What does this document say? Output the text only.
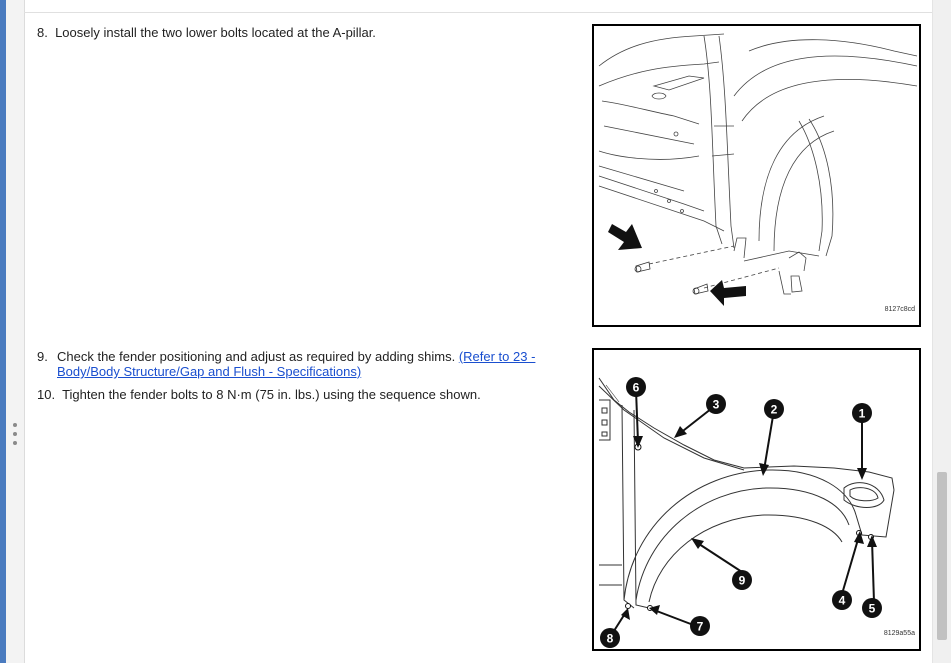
8. Loosely install the two lower bolts located at the A-pillar.
8127c8cd
9. Check the fender positioning and adjust as required by adding shims. (Refer to 23 - Body/Body Structure/Gap and Flush - Specifications)
10. Tighten the fender bolts to 8 N·m (75 in. lbs.) using the sequence shown.
1
2
3
4
5
6
7
8
9
8129a55a
